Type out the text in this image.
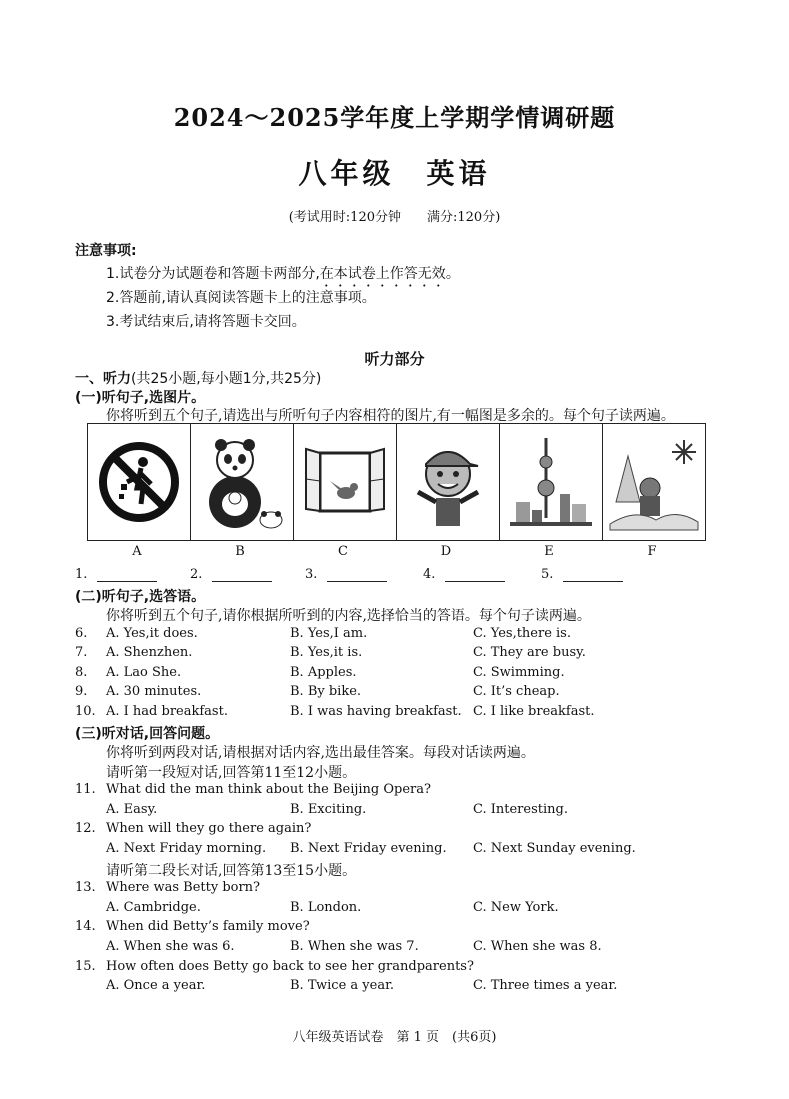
2024～2025学年度上学期学情调研题
八年级　英语
(考试用时:120分钟　　满分:120分)
注意事项:
1.试卷分为试题卷和答题卡两部分,在本试卷上作答无效。
2.答题前,请认真阅读答题卡上的注意事项。
3.考试结束后,请将答题卡交回。
听力部分
一、听力(共25小题,每小题1分,共25分)
(一)听句子,选图片。
你将听到五个句子,请选出与所听句子内容相符的图片,有一幅图是多余的。每个句子读两遍。
A	B	C	D	E	F
1.	2.	3.	4.	5.
(二)听句子,选答语。
你将听到五个句子,请你根据所听到的内容,选择恰当的答语。每个句子读两遍。
6. A. Yes,it does.	B. Yes,I am.	C. Yes,there is.
7. A. Shenzhen.	B. Yes,it is.	C. They are busy.
8. A. Lao She.	B. Apples.	C. Swimming.
9. A. 30 minutes.	B. By bike.	C. It’s cheap.
10. A. I had breakfast.	B. I was having breakfast. C. I like breakfast.
(三)听对话,回答问题。
你将听到两段对话,请根据对话内容,选出最佳答案。每段对话读两遍。
请听第一段短对话,回答第11至12小题。
11. What did the man think about the Beijing Opera?
A. Easy.	B. Exciting.	C. Interesting.
12. When will they go there again?
A. Next Friday morning. B. Next Friday evening. C. Next Sunday evening.
请听第二段长对话,回答第13至15小题。
13. Where was Betty born?
A. Cambridge.	B. London.	C. New York.
14. When did Betty’s family move?
A. When she was 6.	B. When she was 7.	C. When she was 8.
15. How often does Betty go back to see her grandparents?
A. Once a year.	B. Twice a year.	C. Three times a year.
八年级英语试卷　第 1 页　(共6页)
